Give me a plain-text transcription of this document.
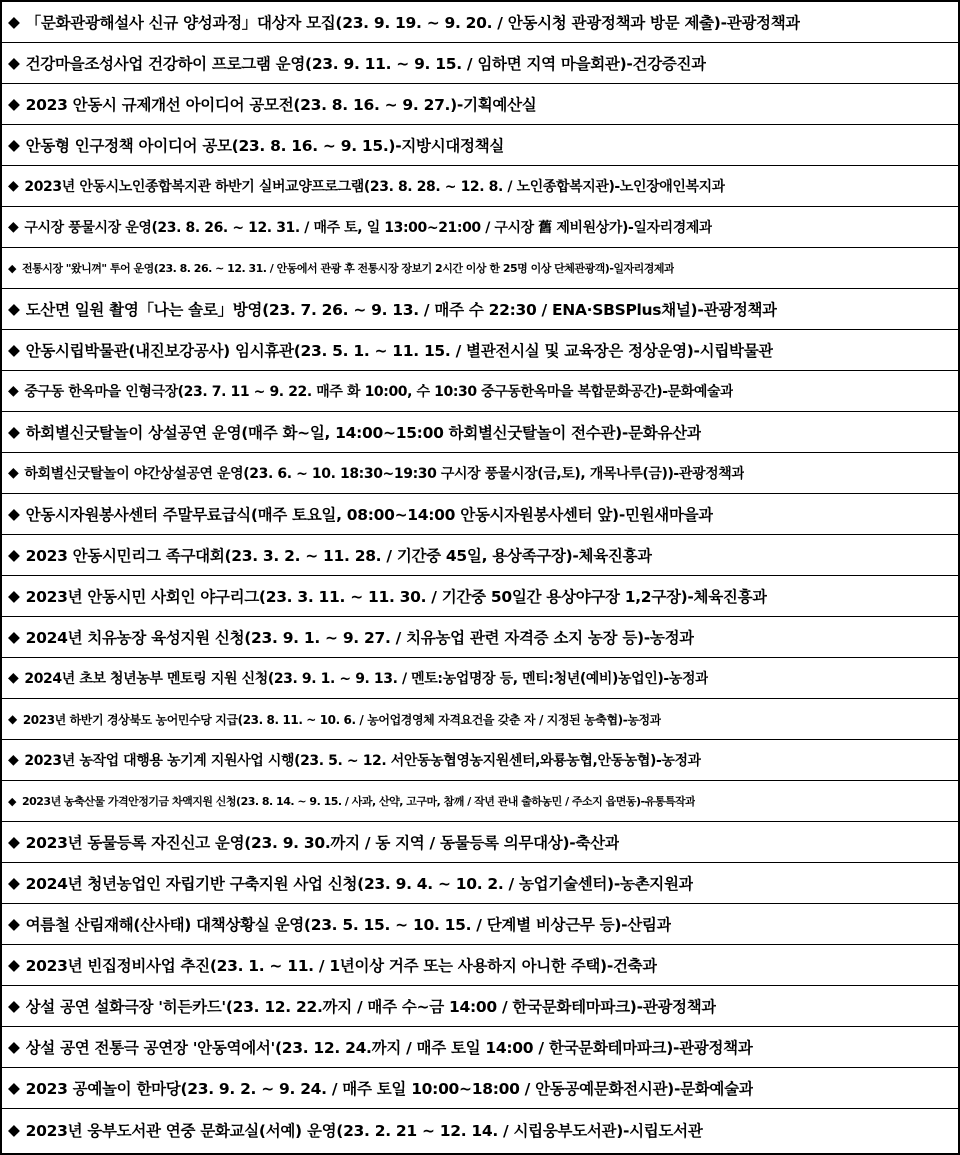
◆ 「문화관광해설사 신규 양성과정」대상자 모집(23. 9. 19. ~ 9. 20. / 안동시청 관광정책과 방문 제출)-관광정책과
◆ 건강마을조성사업 건강하이 프로그램 운영(23. 9. 11. ~ 9. 15. / 임하면 지역 마을회관)-건강증진과
◆ 2023 안동시 규제개선 아이디어 공모전(23. 8. 16. ~ 9. 27.)-기획예산실
◆ 안동형 인구정책 아이디어 공모(23. 8. 16. ~ 9. 15.)-지방시대정책실
◆ 2023년 안동시노인종합복지관 하반기 실버교양프로그램(23. 8. 28. ~ 12. 8. / 노인종합복지관)-노인장애인복지과
◆ 구시장 풍물시장 운영(23. 8. 26. ~ 12. 31. / 매주 토, 일 13:00~21:00 / 구시장 舊 제비원상가)-일자리경제과
◆ 전통시장 "왔니껴" 투어 운영(23. 8. 26. ~ 12. 31. / 안동에서 관광 후 전통시장 장보기 2시간 이상 한 25명 이상 단체관광객)-일자리경제과
◆ 도산면 일원 촬영「나는 솔로」방영(23. 7. 26. ~ 9. 13. / 매주 수 22:30 / ENA·SBSPlus채널)-관광정책과
◆ 안동시립박물관(내진보강공사) 임시휴관(23. 5. 1. ~ 11. 15. / 별관전시실 및 교육장은 정상운영)-시립박물관
◆ 중구동 한옥마을 인형극장(23. 7. 11 ~ 9. 22. 매주 화 10:00, 수 10:30 중구동한옥마을 복합문화공간)-문화예술과
◆ 하회별신굿탈놀이 상설공연 운영(매주 화~일, 14:00~15:00 하회별신굿탈놀이 전수관)-문화유산과
◆ 하회별신굿탈놀이 야간상설공연 운영(23. 6. ~ 10. 18:30~19:30 구시장 풍물시장(금,토), 개목나루(금))-관광정책과
◆ 안동시자원봉사센터 주말무료급식(매주 토요일, 08:00~14:00 안동시자원봉사센터 앞)-민원새마을과
◆ 2023 안동시민리그 족구대회(23. 3. 2. ~ 11. 28. / 기간중 45일, 용상족구장)-체육진흥과
◆ 2023년 안동시민 사회인 야구리그(23. 3. 11. ~ 11. 30. / 기간중 50일간 용상야구장 1,2구장)-체육진흥과
◆ 2024년 치유농장 육성지원 신청(23. 9. 1. ~ 9. 27. / 치유농업 관련 자격증 소지 농장 등)-농정과
◆ 2024년 초보 청년농부 멘토링 지원 신청(23. 9. 1. ~ 9. 13. / 멘토:농업명장 등, 멘티:청년(예비)농업인)-농정과
◆ 2023년 하반기 경상북도 농어민수당 지급(23. 8. 11. ~ 10. 6. / 농어업경영체 자격요건을 갖춘 자 / 지정된 농축협)-농정과
◆ 2023년 농작업 대행용 농기계 지원사업 시행(23. 5. ~ 12. 서안동농협영농지원센터,와룡농협,안동농협)-농정과
◆ 2023년 농축산물 가격안정기금 차액지원 신청(23. 8. 14. ~ 9. 15. / 사과, 산약, 고구마, 참깨 / 작년 관내 출하농민 / 주소지 읍면동)-유통특작과
◆ 2023년 동물등록 자진신고 운영(23. 9. 30.까지 / 동 지역 / 동물등록 의무대상)-축산과
◆ 2024년 청년농업인 자립기반 구축지원 사업 신청(23. 9. 4. ~ 10. 2. / 농업기술센터)-농촌지원과
◆ 여름철 산림재해(산사태) 대책상황실 운영(23. 5. 15. ~ 10. 15. / 단계별 비상근무 등)-산림과
◆ 2023년 빈집정비사업 추진(23. 1. ~ 11. / 1년이상 거주 또는 사용하지 아니한 주택)-건축과
◆ 상설 공연 설화극장 '히든카드'(23. 12. 22.까지 / 매주 수~금 14:00 / 한국문화테마파크)-관광정책과
◆ 상설 공연 전통극 공연장 '안동역에서'(23. 12. 24.까지 / 매주 토일 14:00 / 한국문화테마파크)-관광정책과
◆ 2023 공예놀이 한마당(23. 9. 2. ~ 9. 24. / 매주 토일 10:00~18:00 / 안동공예문화전시관)-문화예술과
◆ 2023년 웅부도서관 연중 문화교실(서예) 운영(23. 2. 21 ~ 12. 14. / 시립웅부도서관)-시립도서관
